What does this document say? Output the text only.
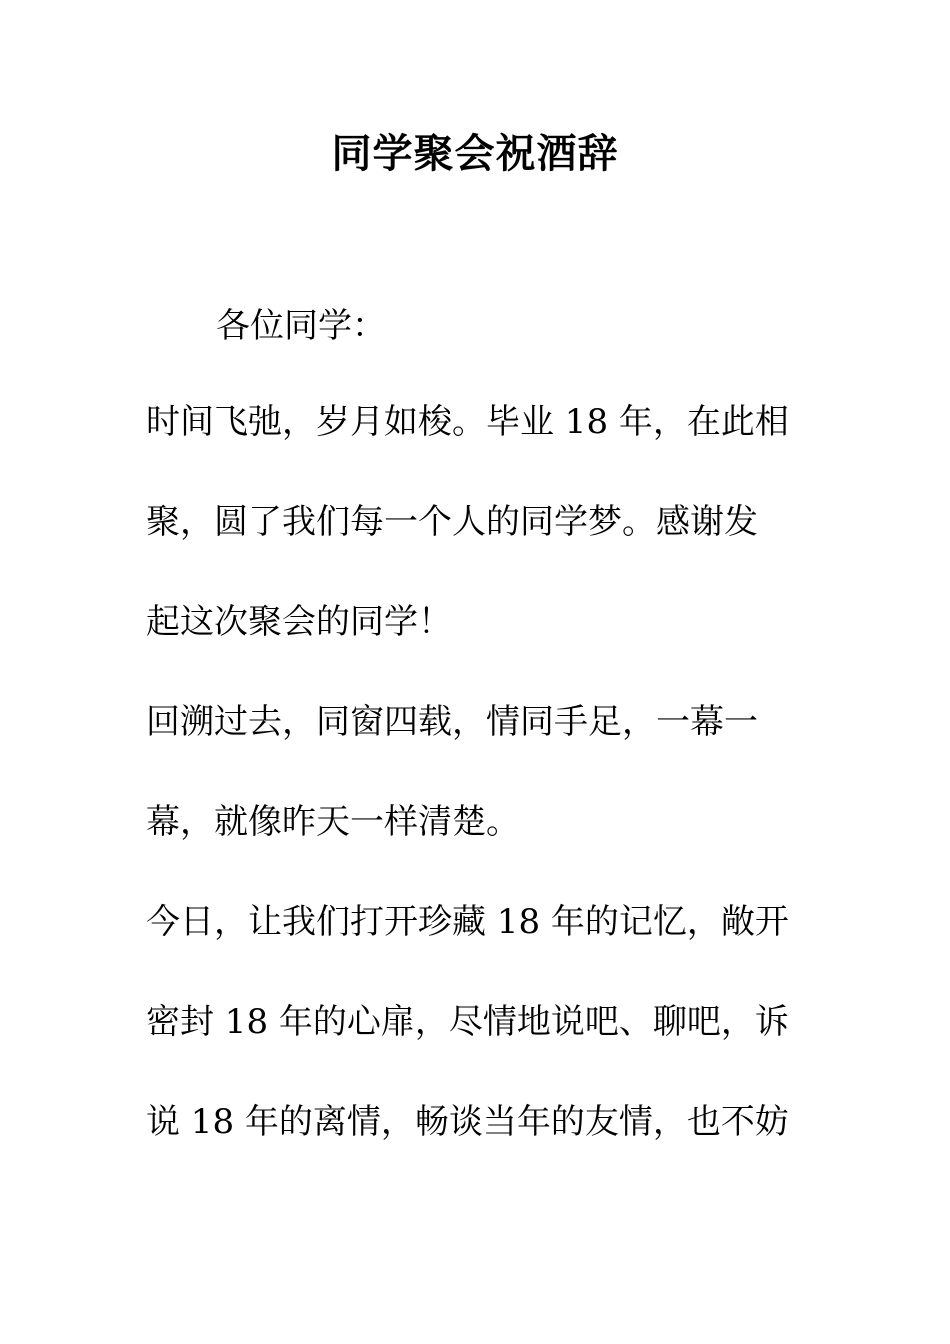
同学聚会祝酒辞

各位同学：

时间飞弛，岁月如梭。毕业 18 年，在此相
聚，圆了我们每一个人的同学梦。感谢发
起这次聚会的同学！
回溯过去，同窗四载，情同手足，一幕一
幕，就像昨天一样清楚。
今日，让我们打开珍藏 18 年的记忆，敞开
密封 18 年的心扉，尽情地说吧、聊吧，诉
说 18 年的离情，畅谈当年的友情，也不妨
